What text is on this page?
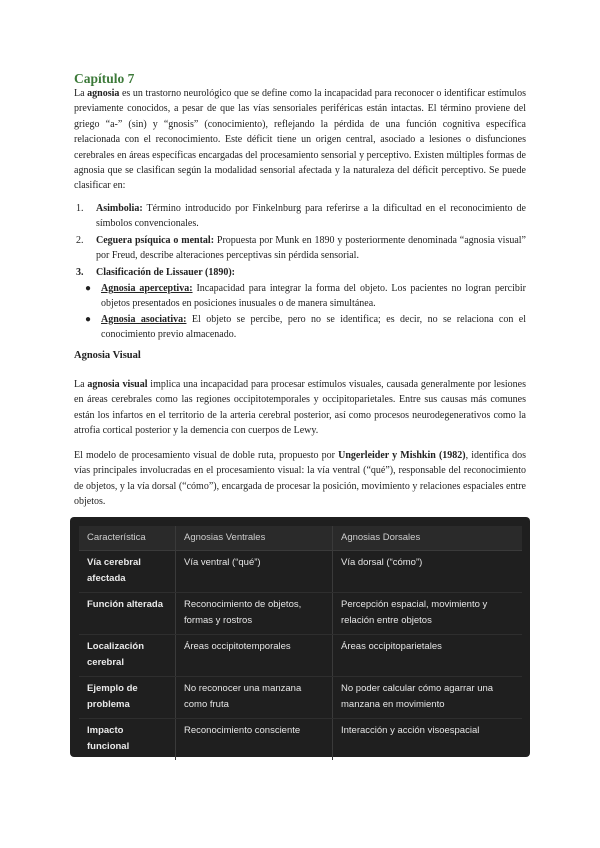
Capítulo 7

La agnosia es un trastorno neurológico que se define como la incapacidad para reconocer o identificar estímulos previamente conocidos, a pesar de que las vías sensoriales periféricas están intactas. El término proviene del griego “a-” (sin) y “gnosis” (conocimiento), reflejando la pérdida de una función cognitiva específica relacionada con el reconocimiento. Este déficit tiene un origen central, asociado a lesiones o disfunciones cerebrales en áreas específicas encargadas del procesamiento sensorial y perceptivo. Existen múltiples formas de agnosia que se clasifican según la modalidad sensorial afectada y la naturaleza del déficit perceptivo. Se puede clasificar en:

1. Asimbolia: Término introducido por Finkelnburg para referirse a la dificultad en el reconocimiento de símbolos convencionales.
2. Ceguera psíquica o mental: Propuesta por Munk en 1890 y posteriormente denominada “agnosia visual” por Freud, describe alteraciones perceptivas sin pérdida sensorial.
3. Clasificación de Lissauer (1890):
● Agnosia aperceptiva: Incapacidad para integrar la forma del objeto. Los pacientes no logran percibir objetos presentados en posiciones inusuales o de manera simultánea.
● Agnosia asociativa: El objeto se percibe, pero no se identifica; es decir, no se relaciona con el conocimiento previo almacenado.
Agnosia Visual

La agnosia visual implica una incapacidad para procesar estímulos visuales, causada generalmente por lesiones en áreas cerebrales como las regiones occipitotemporales y occipitoparietales. Entre sus causas más comunes están los infartos en el territorio de la arteria cerebral posterior, así como procesos neurodegenerativos como la atrofia cortical posterior y la demencia con cuerpos de Lewy.

El modelo de procesamiento visual de doble ruta, propuesto por Ungerleider y Mishkin (1982), identifica dos vías principales involucradas en el procesamiento visual: la vía ventral (“qué”), responsable del reconocimiento de objetos, y la vía dorsal (“cómo”), encargada de procesar la posición, movimiento y relaciones espaciales entre objetos.

Característica	Agnosias Ventrales	Agnosias Dorsales
Vía cerebral afectada	Vía ventral (“qué”)	Vía dorsal (“cómo”)
Función alterada	Reconocimiento de objetos, formas y rostros	Percepción espacial, movimiento y relación entre objetos
Localización cerebral	Áreas occipitotemporales	Áreas occipitoparietales
Ejemplo de problema	No reconocer una manzana como fruta	No poder calcular cómo agarrar una manzana en movimiento
Impacto funcional	Reconocimiento consciente	Interacción y acción visoespacial
